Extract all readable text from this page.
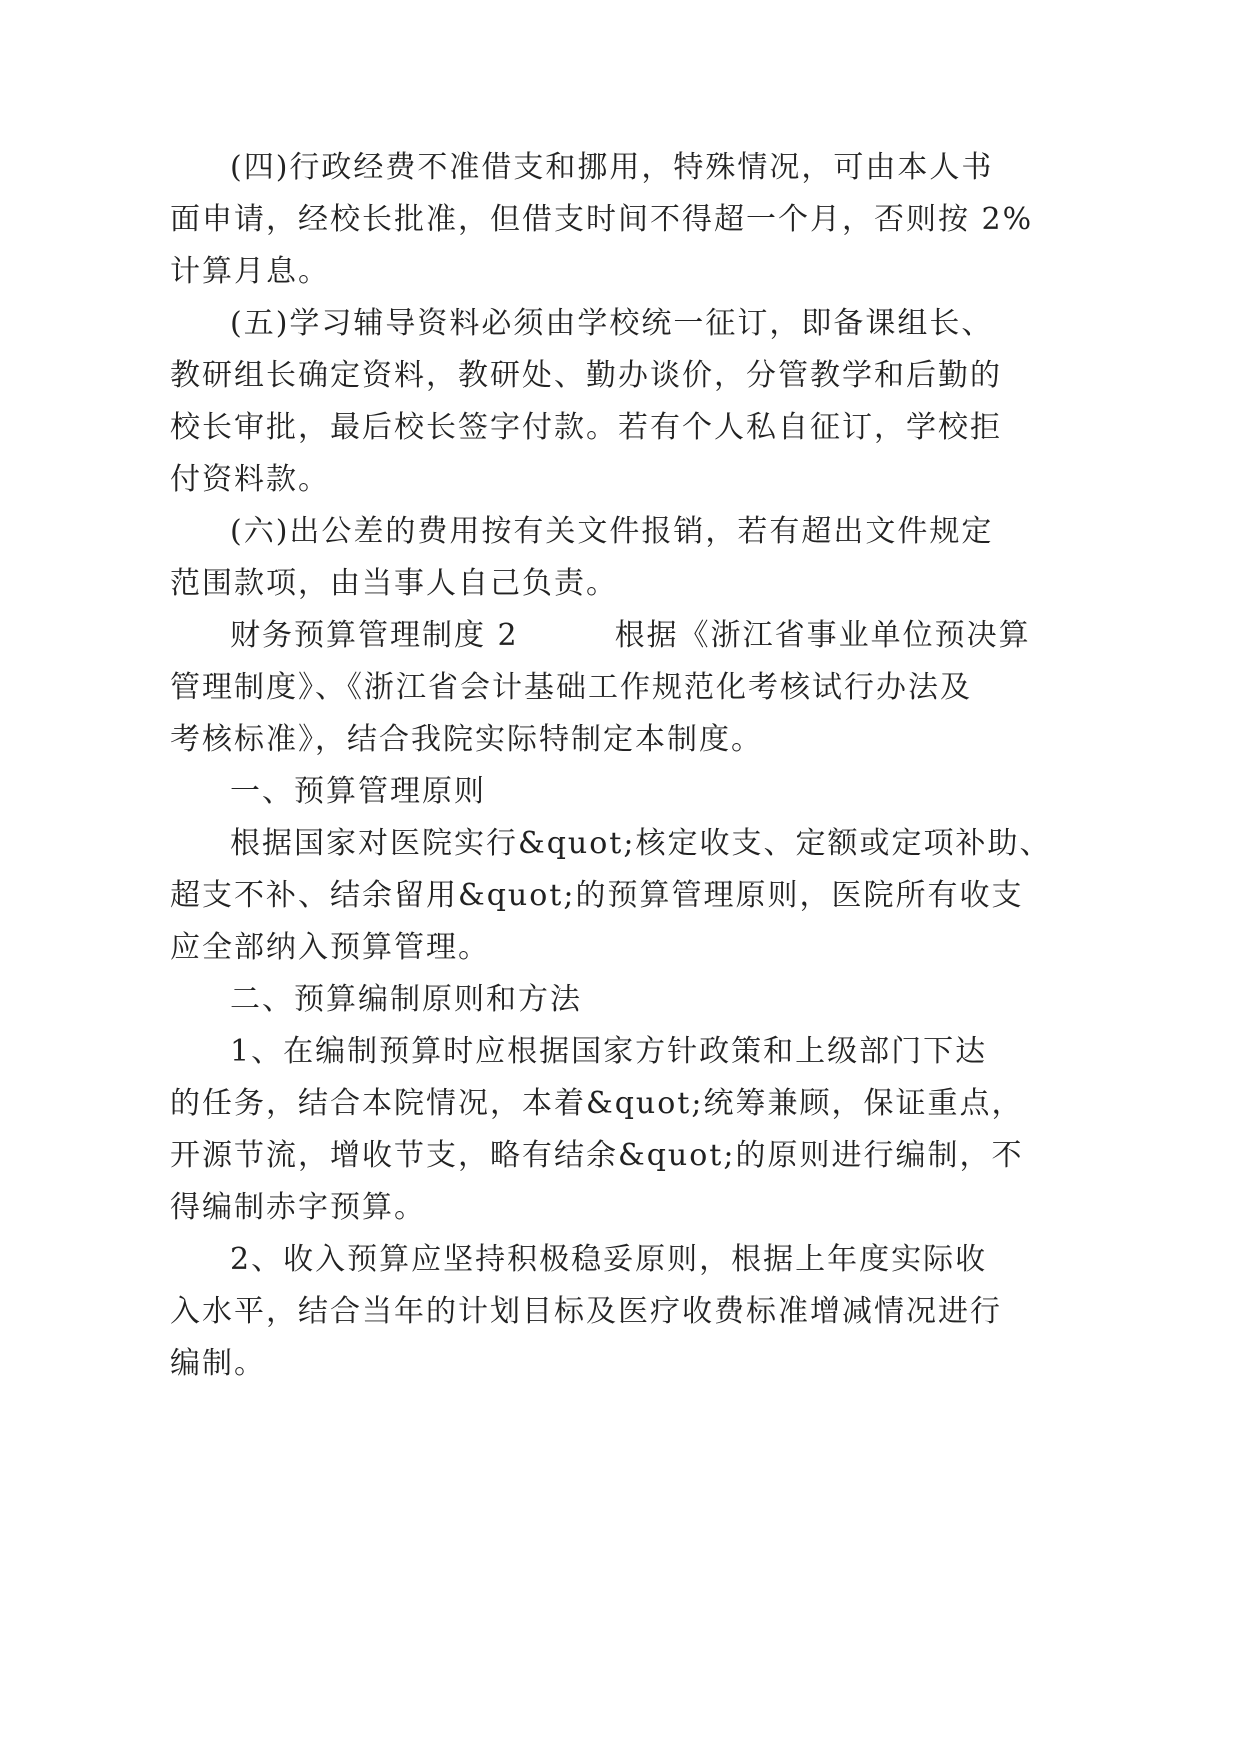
(四)行政经费不准借支和挪用，特殊情况，可由本人书
面申请，经校长批准，但借支时间不得超一个月，否则按 2%
计算月息。
(五)学习辅导资料必须由学校统一征订，即备课组长、
教研组长确定资料，教研处、勤办谈价，分管教学和后勤的
校长审批，最后校长签字付款。若有个人私自征订，学校拒
付资料款。
(六)出公差的费用按有关文件报销，若有超出文件规定
范围款项，由当事人自己负责。
财务预算管理制度 2　　　根据《浙江省事业单位预决算
管理制度》、《浙江省会计基础工作规范化考核试行办法及
考核标准》，结合我院实际特制定本制度。
一、预算管理原则
根据国家对医院实行&quot;核定收支、定额或定项补助、
超支不补、结余留用&quot;的预算管理原则，医院所有收支
应全部纳入预算管理。
二、预算编制原则和方法
1、在编制预算时应根据国家方针政策和上级部门下达
的任务，结合本院情况，本着&quot;统筹兼顾，保证重点，
开源节流，增收节支，略有结余&quot;的原则进行编制，不
得编制赤字预算。
2、收入预算应坚持积极稳妥原则，根据上年度实际收
入水平，结合当年的计划目标及医疗收费标准增减情况进行
编制。
